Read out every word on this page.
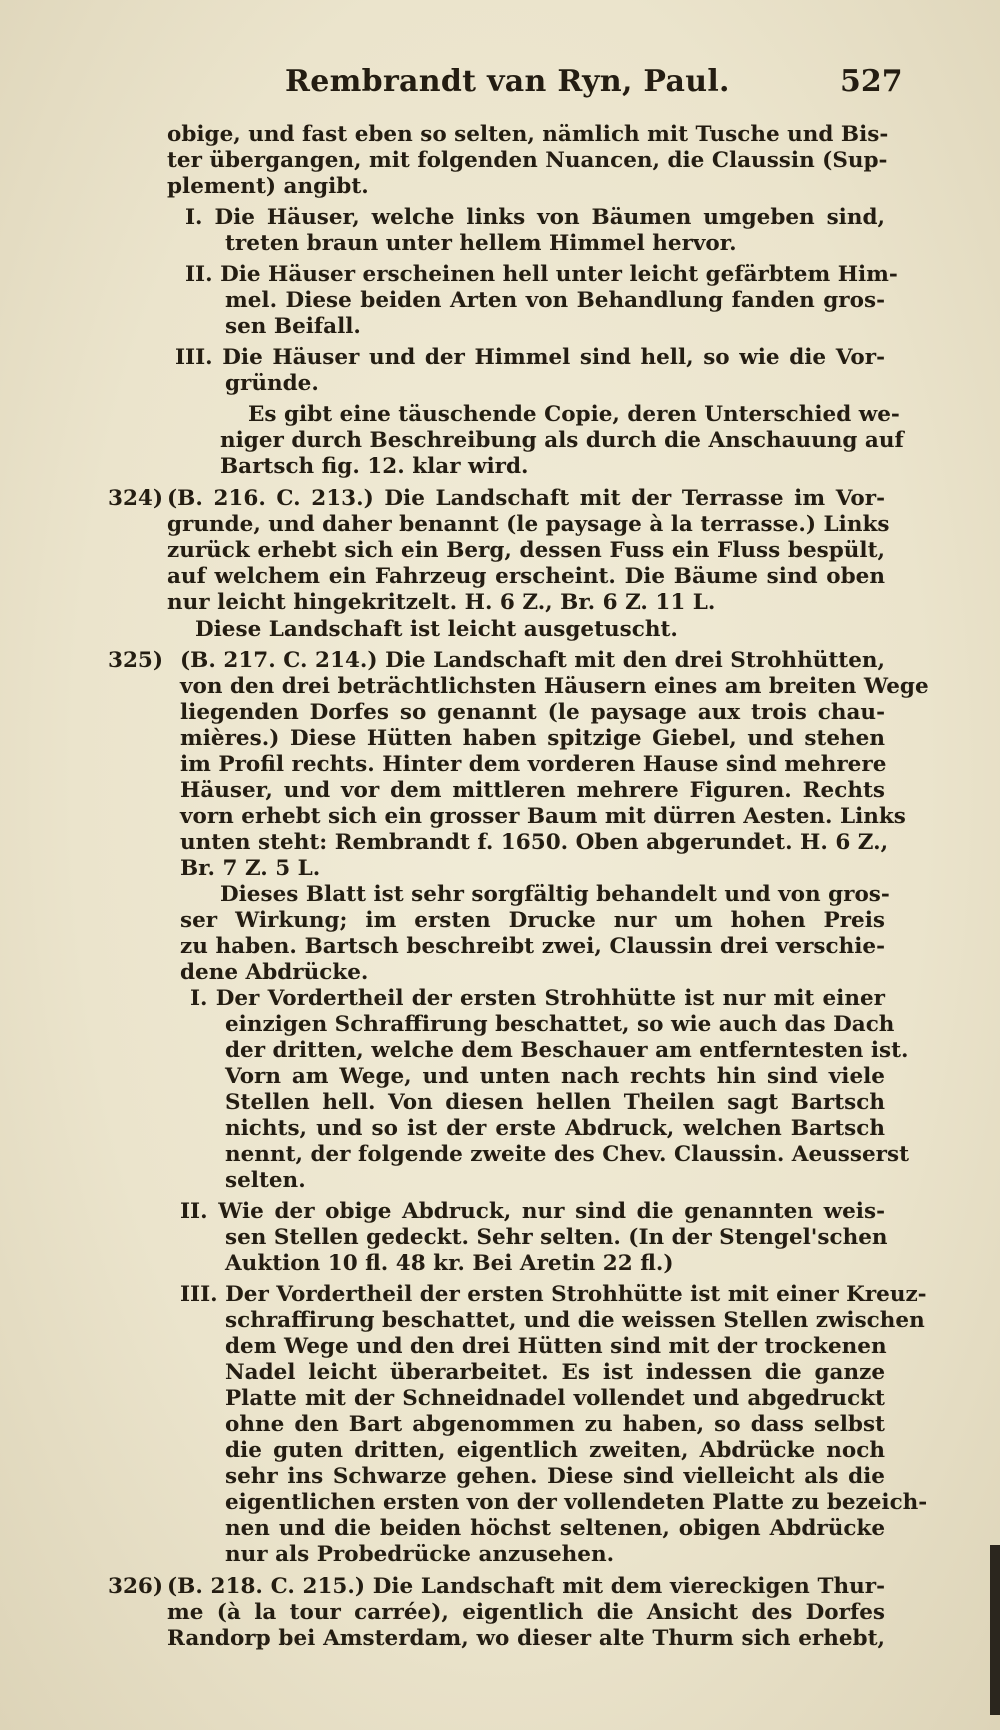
Rembrandt van Ryn, Paul.	527
obige, und fast eben so selten, nämlich mit Tusche und Bis-
ter übergangen, mit folgenden Nuancen, die Claussin (Sup-
plement) angibt.
I. Die Häuser, welche links von Bäumen umgeben sind,
treten braun unter hellem Himmel hervor.
II. Die Häuser erscheinen hell unter leicht gefärbtem Him-
mel. Diese beiden Arten von Behandlung fanden gros-
sen Beifall.
III. Die Häuser und der Himmel sind hell, so wie die Vor-
gründe.
Es gibt eine täuschende Copie, deren Unterschied we-
niger durch Beschreibung als durch die Anschauung auf
Bartsch fig. 12. klar wird.
(B. 216. C. 213.) Die Landschaft mit der Terrasse im Vor-
grunde, und daher benannt (le paysage à la terrasse.) Links
zurück erhebt sich ein Berg, dessen Fuss ein Fluss bespült,
auf welchem ein Fahrzeug erscheint. Die Bäume sind oben
nur leicht hingekritzelt. H. 6 Z., Br. 6 Z. 11 L.
Diese Landschaft ist leicht ausgetuscht.
(B. 217. C. 214.) Die Landschaft mit den drei Strohhütten,
von den drei beträchtlichsten Häusern eines am breiten Wege
liegenden Dorfes so genannt (le paysage aux trois chau-
mières.) Diese Hütten haben spitzige Giebel, und stehen
im Profil rechts. Hinter dem vorderen Hause sind mehrere
Häuser, und vor dem mittleren mehrere Figuren. Rechts
vorn erhebt sich ein grosser Baum mit dürren Aesten. Links
unten steht: Rembrandt f. 1650. Oben abgerundet. H. 6 Z.,
Br. 7 Z. 5 L.
Dieses Blatt ist sehr sorgfältig behandelt und von gros-
ser Wirkung; im ersten Drucke nur um hohen Preis
zu haben. Bartsch beschreibt zwei, Claussin drei verschie-
dene Abdrücke.
I. Der Vordertheil der ersten Strohhütte ist nur mit einer
einzigen Schraffirung beschattet, so wie auch das Dach
der dritten, welche dem Beschauer am entferntesten ist.
Vorn am Wege, und unten nach rechts hin sind viele
Stellen hell. Von diesen hellen Theilen sagt Bartsch
nichts, und so ist der erste Abdruck, welchen Bartsch
nennt, der folgende zweite des Chev. Claussin. Aeusserst
selten.
II. Wie der obige Abdruck, nur sind die genannten weis-
sen Stellen gedeckt. Sehr selten. (In der Stengel'schen
Auktion 10 fl. 48 kr. Bei Aretin 22 fl.)
III. Der Vordertheil der ersten Strohhütte ist mit einer Kreuz-
schraffirung beschattet, und die weissen Stellen zwischen
dem Wege und den drei Hütten sind mit der trockenen
Nadel leicht überarbeitet. Es ist indessen die ganze
Platte mit der Schneidnadel vollendet und abgedruckt
ohne den Bart abgenommen zu haben, so dass selbst
die guten dritten, eigentlich zweiten, Abdrücke noch
sehr ins Schwarze gehen. Diese sind vielleicht als die
eigentlichen ersten von der vollendeten Platte zu bezeich-
nen und die beiden höchst seltenen, obigen Abdrücke
nur als Probedrücke anzusehen.
(B. 218. C. 215.) Die Landschaft mit dem viereckigen Thur-
me (à la tour carrée), eigentlich die Ansicht des Dorfes
Randorp bei Amsterdam, wo dieser alte Thurm sich erhebt,
324)
325)
326)
